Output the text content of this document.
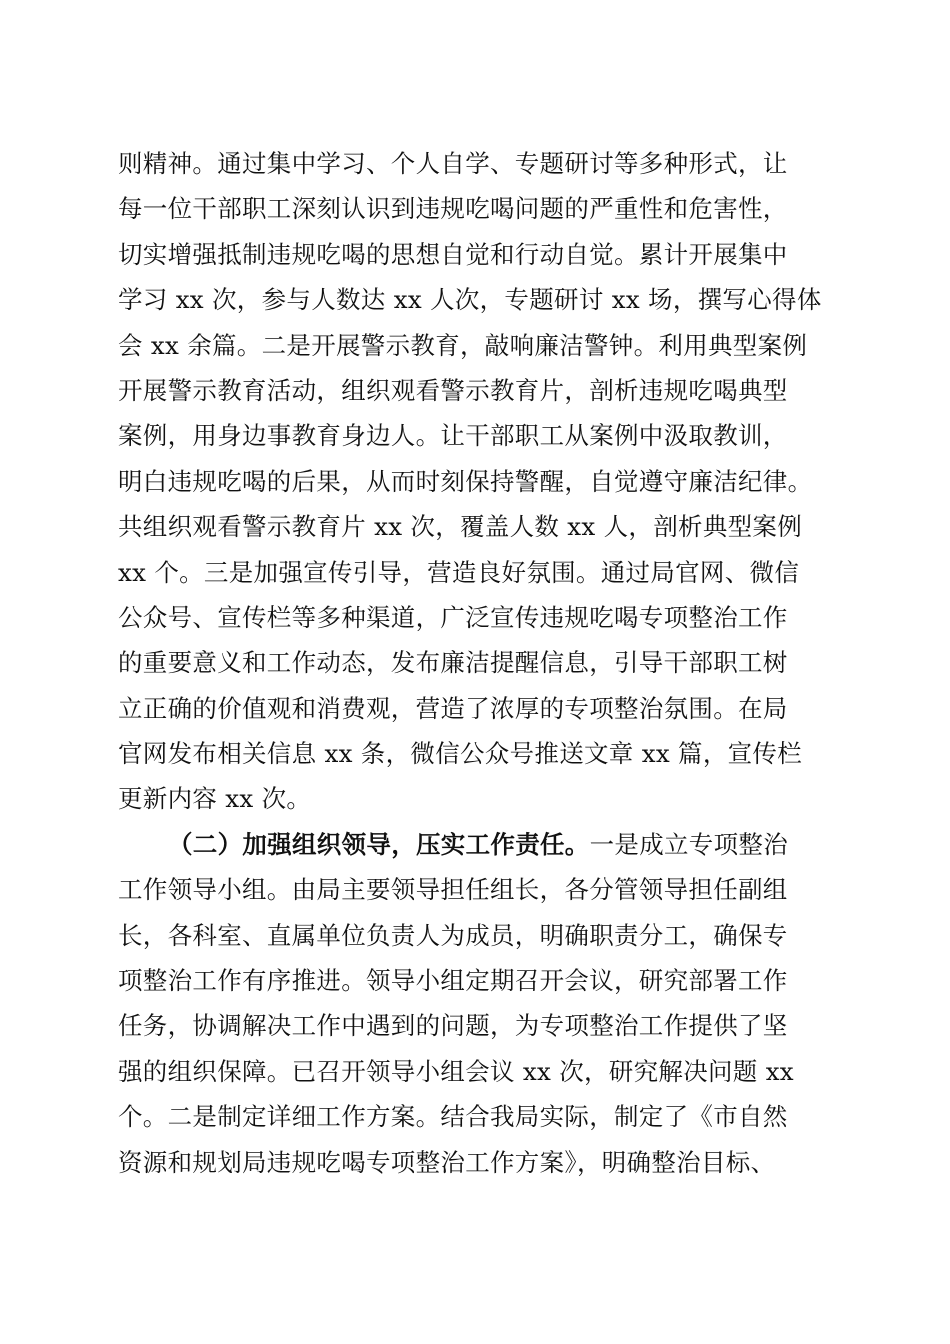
则精神。通过集中学习、个人自学、专题研讨等多种形式，让
每一位干部职工深刻认识到违规吃喝问题的严重性和危害性，
切实增强抵制违规吃喝的思想自觉和行动自觉。累计开展集中
学习 xx 次，参与人数达 xx 人次，专题研讨 xx 场，撰写心得体
会 xx 余篇。二是开展警示教育，敲响廉洁警钟。利用典型案例
开展警示教育活动，组织观看警示教育片，剖析违规吃喝典型
案例，用身边事教育身边人。让干部职工从案例中汲取教训，
明白违规吃喝的后果，从而时刻保持警醒，自觉遵守廉洁纪律。
共组织观看警示教育片 xx 次，覆盖人数 xx 人，剖析典型案例
xx 个。三是加强宣传引导，营造良好氛围。通过局官网、微信
公众号、宣传栏等多种渠道，广泛宣传违规吃喝专项整治工作
的重要意义和工作动态，发布廉洁提醒信息，引导干部职工树
立正确的价值观和消费观，营造了浓厚的专项整治氛围。在局
官网发布相关信息 xx 条，微信公众号推送文章 xx 篇，宣传栏
更新内容 xx 次。
（二）加强组织领导，压实工作责任。一是成立专项整治
工作领导小组。由局主要领导担任组长，各分管领导担任副组
长，各科室、直属单位负责人为成员，明确职责分工，确保专
项整治工作有序推进。领导小组定期召开会议，研究部署工作
任务，协调解决工作中遇到的问题，为专项整治工作提供了坚
强的组织保障。已召开领导小组会议 xx 次，研究解决问题 xx
个。二是制定详细工作方案。结合我局实际，制定了《市自然
资源和规划局违规吃喝专项整治工作方案》，明确整治目标、
